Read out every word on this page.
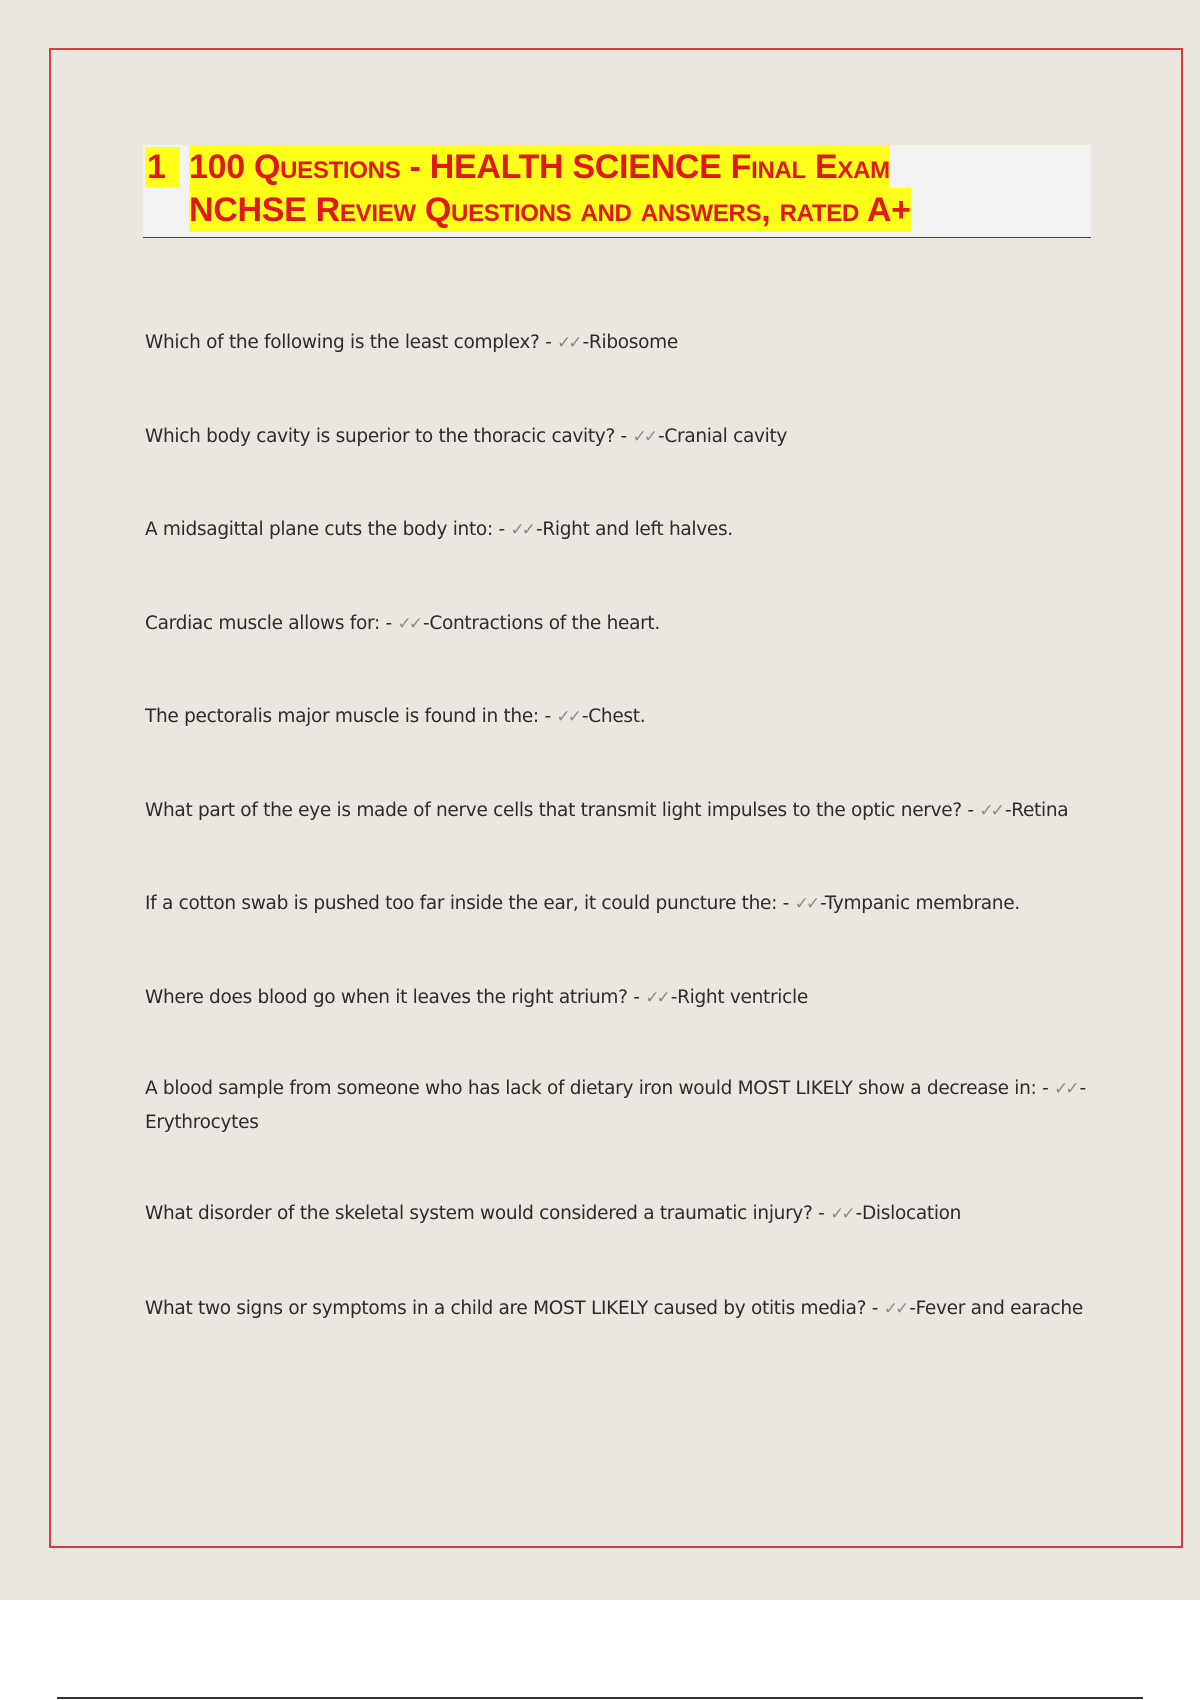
1 100 Questions - HEALTH SCIENCE Final Exam
NCHSE Review Questions and answers, rated A+
Which of the following is the least complex? - ✓✓ -Ribosome
Which body cavity is superior to the thoracic cavity? - ✓✓ -Cranial cavity
A midsagittal plane cuts the body into: - ✓✓ -Right and left halves.
Cardiac muscle allows for: - ✓✓ -Contractions of the heart.
The pectoralis major muscle is found in the: - ✓✓ -Chest.
What part of the eye is made of nerve cells that transmit light impulses to the optic nerve? - ✓✓ -Retina
If a cotton swab is pushed too far inside the ear, it could puncture the: - ✓✓ -Tympanic membrane.
Where does blood go when it leaves the right atrium? - ✓✓ -Right ventricle
A blood sample from someone who has lack of dietary iron would MOST LIKELY show a decrease in: - ✓✓ -Erythrocytes
What disorder of the skeletal system would considered a traumatic injury? - ✓✓ -Dislocation
What two signs or symptoms in a child are MOST LIKELY caused by otitis media? - ✓✓ -Fever and earache
